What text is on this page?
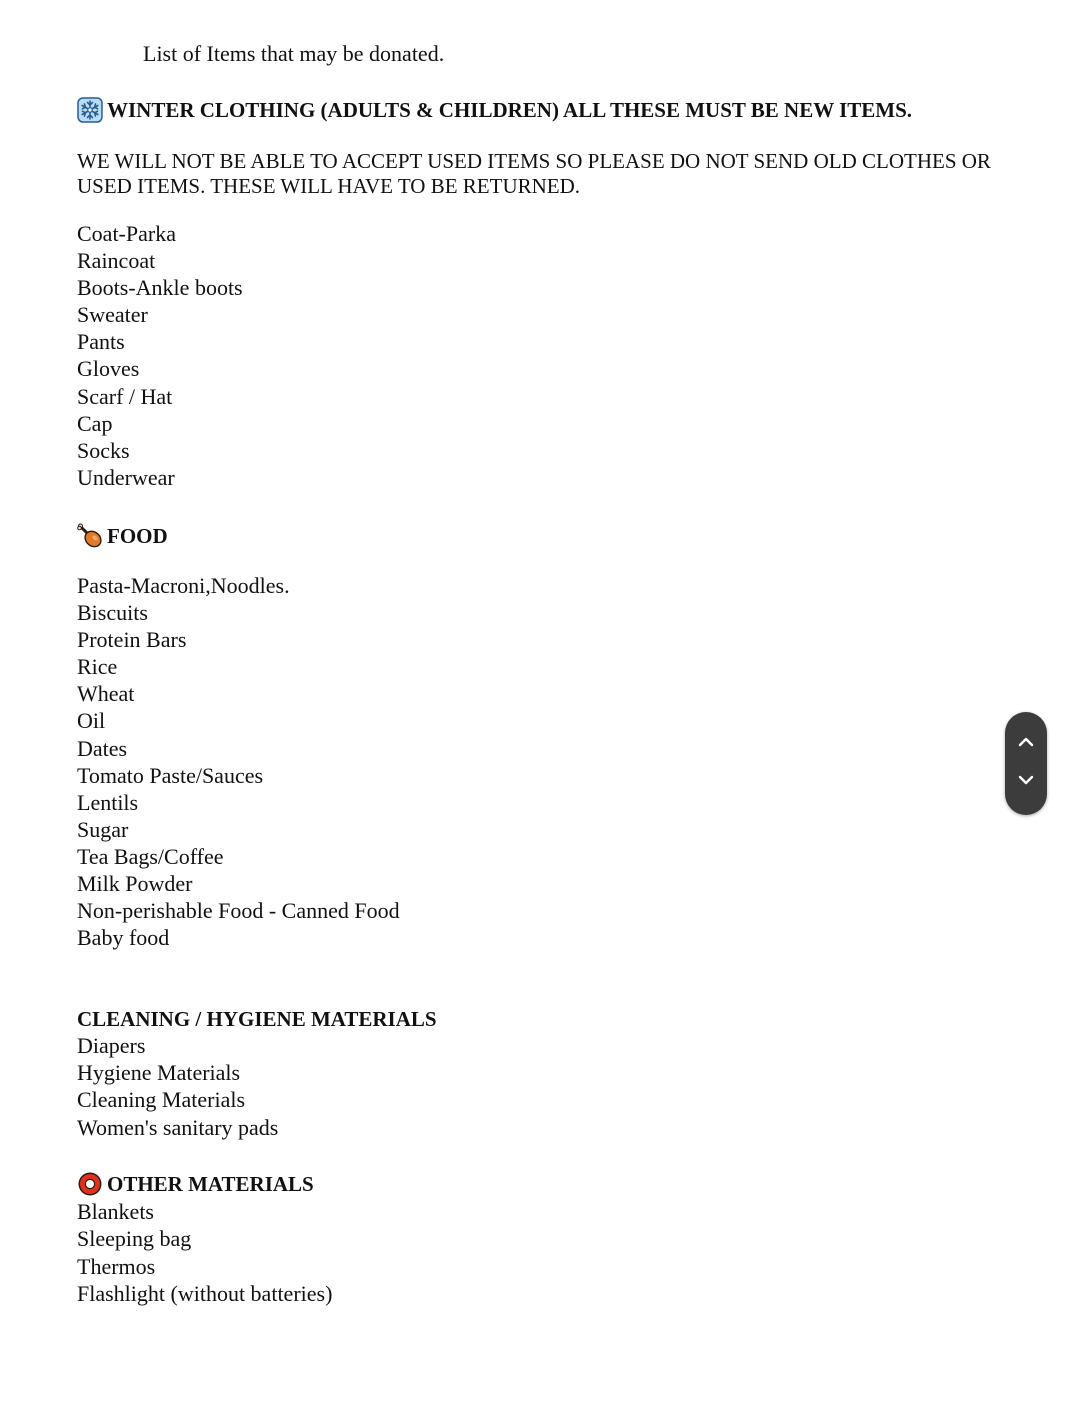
List of Items that may be donated.

WINTER CLOTHING (ADULTS & CHILDREN) ALL THESE MUST BE NEW ITEMS.

WE WILL NOT BE ABLE TO ACCEPT USED ITEMS SO PLEASE DO NOT SEND OLD CLOTHES OR USED ITEMS. THESE WILL HAVE TO BE RETURNED.

Coat-Parka
Raincoat
Boots-Ankle boots
Sweater
Pants
Gloves
Scarf / Hat
Cap
Socks
Underwear
FOOD
Pasta-Macroni,Noodles.
Biscuits
Protein Bars
Rice
Wheat
Oil
Dates
Tomato Paste/Sauces
Lentils
Sugar
Tea Bags/Coffee
Milk Powder
Non-perishable Food - Canned Food
Baby food
CLEANING / HYGIENE MATERIALS
Diapers
Hygiene Materials
Cleaning Materials
Women's sanitary pads
OTHER MATERIALS
Blankets
Sleeping bag
Thermos
Flashlight (without batteries)
